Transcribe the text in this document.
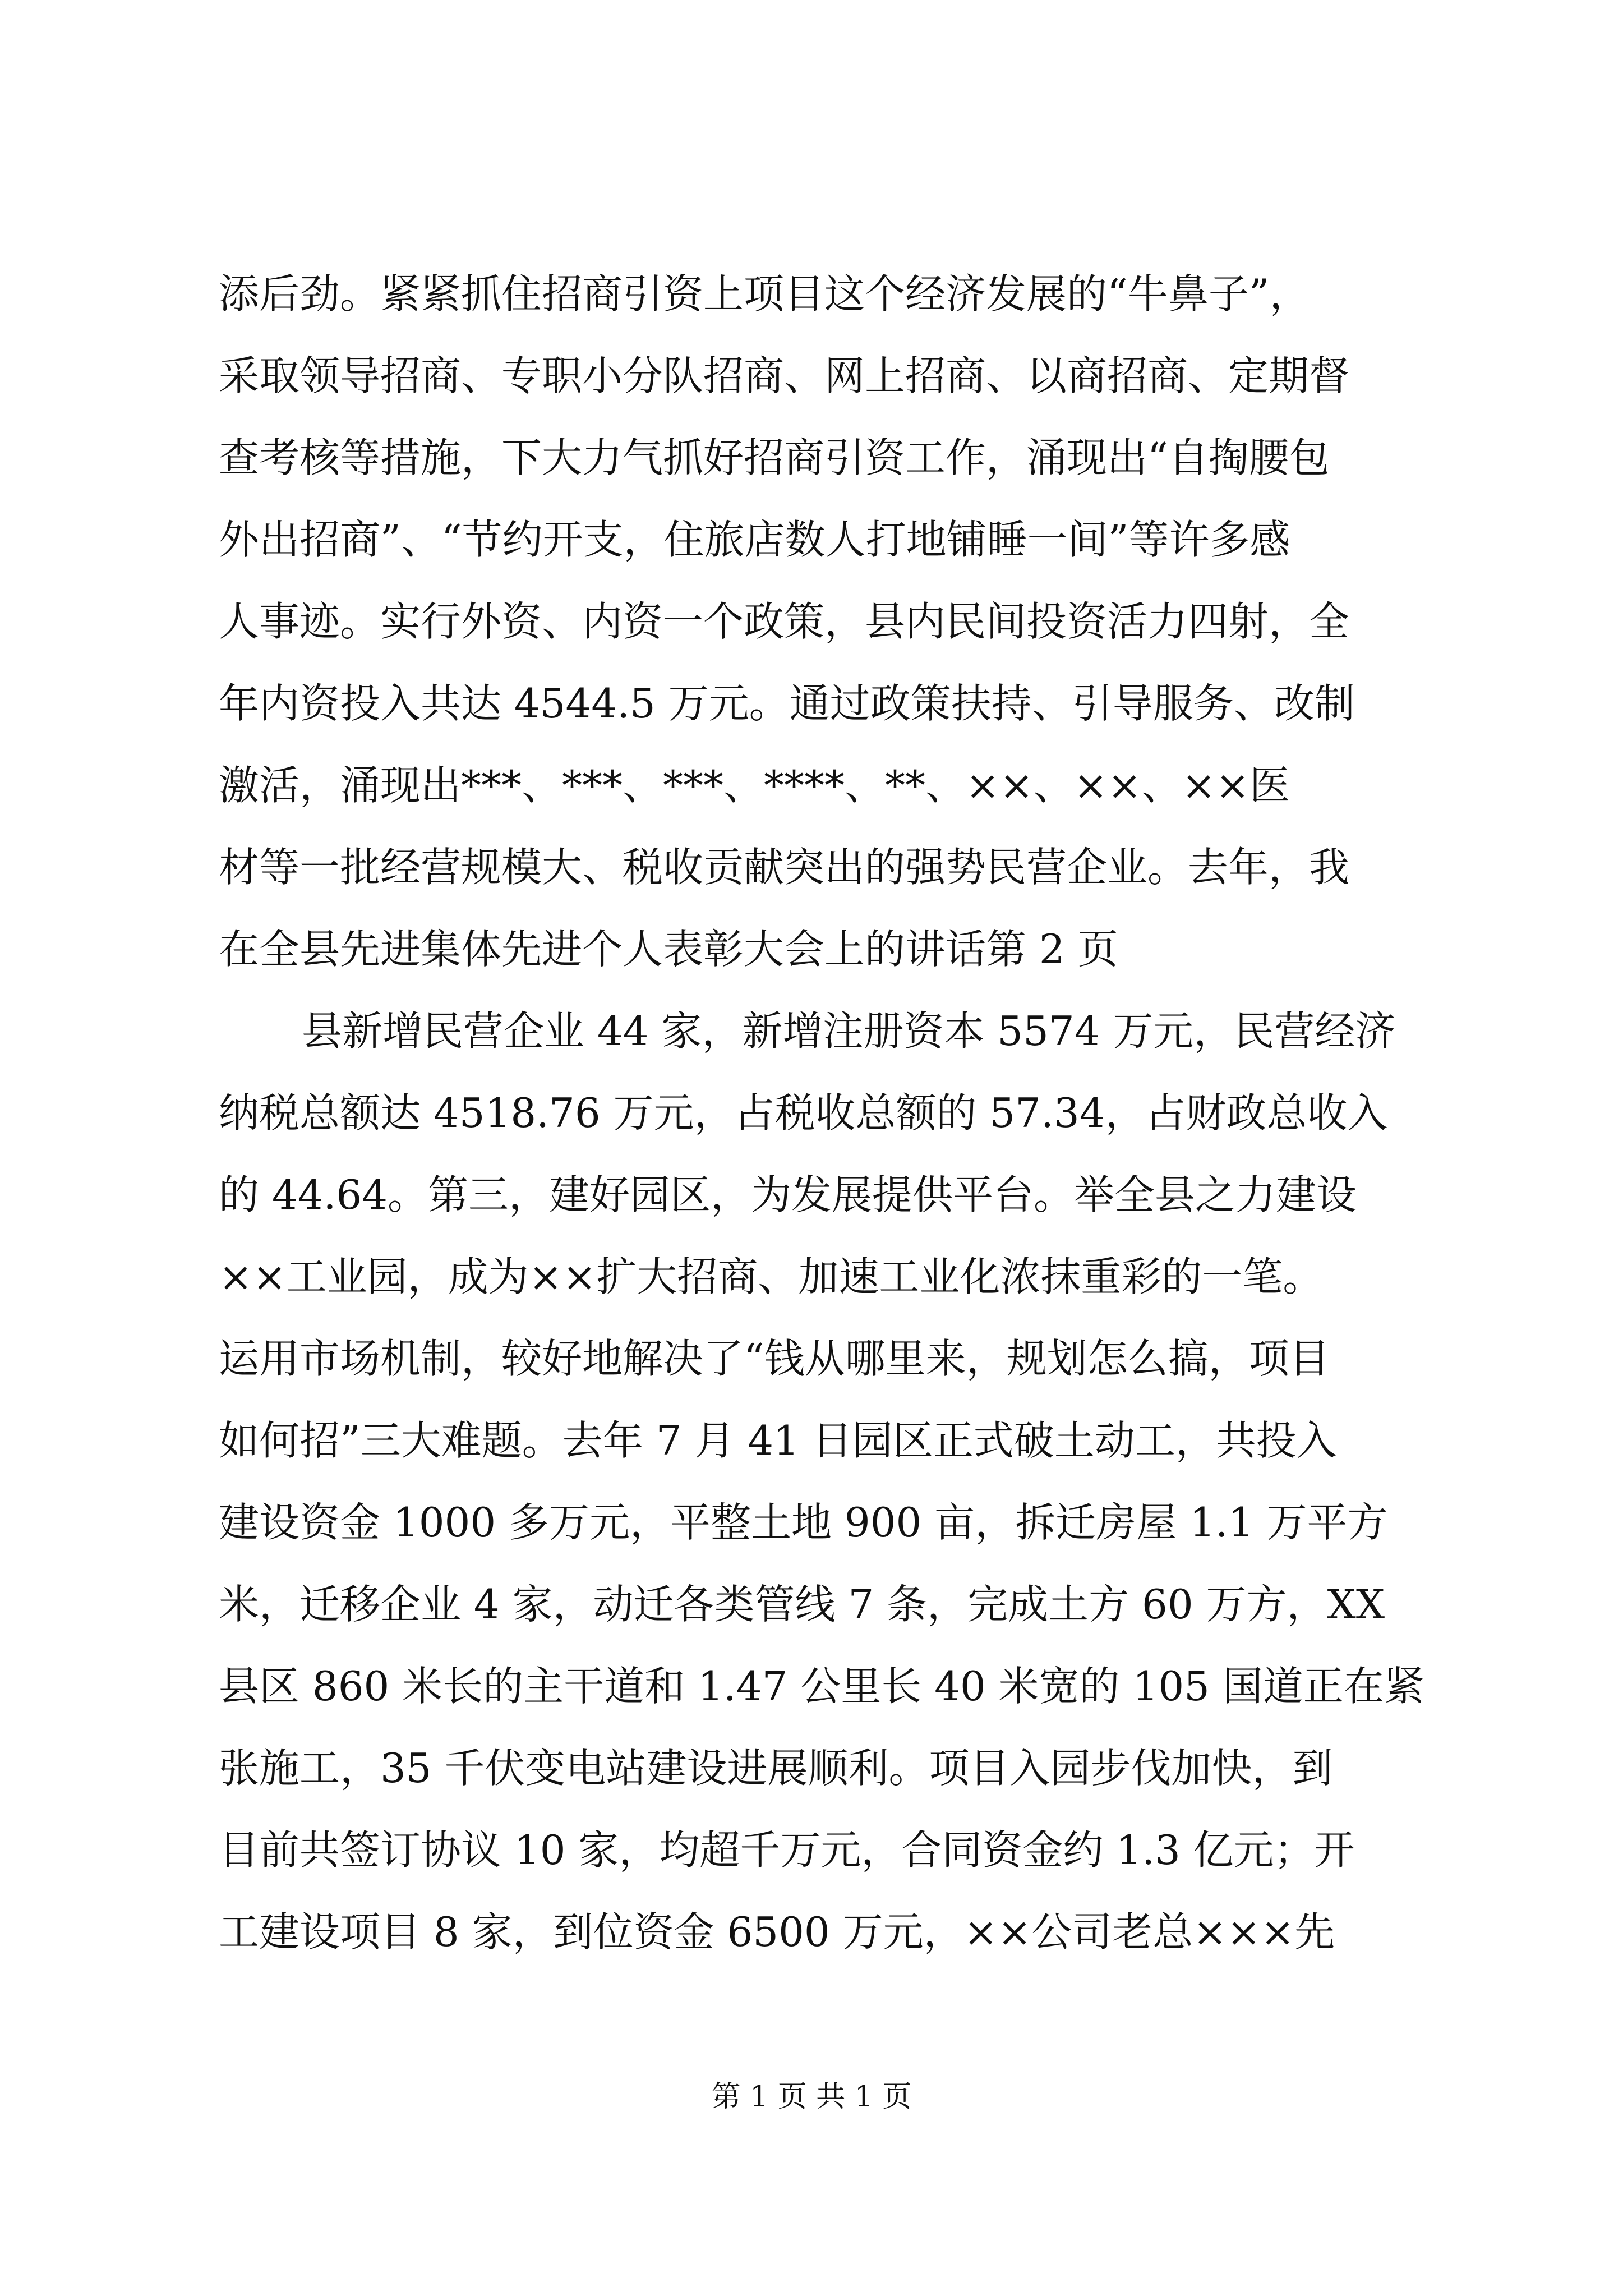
添后劲。紧紧抓住招商引资上项目这个经济发展的“牛鼻子”，
采取领导招商、专职小分队招商、网上招商、以商招商、定期督
查考核等措施，下大力气抓好招商引资工作，涌现出“自掏腰包
外出招商”、“节约开支，住旅店数人打地铺睡一间”等许多感
人事迹。实行外资、内资一个政策，县内民间投资活力四射，全
年内资投入共达 4544.5 万元。通过政策扶持、引导服务、改制
激活，涌现出***、***、***、****、**、××、××、××医
材等一批经营规模大、税收贡献突出的强势民营企业。去年，我
在全县先进集体先进个人表彰大会上的讲话第 2 页
县新增民营企业 44 家，新增注册资本 5574 万元，民营经济
纳税总额达 4518.76 万元，占税收总额的 57.34，占财政总收入
的 44.64。第三，建好园区，为发展提供平台。举全县之力建设
××工业园，成为××扩大招商、加速工业化浓抹重彩的一笔。
运用市场机制，较好地解决了“钱从哪里来，规划怎么搞，项目
如何招”三大难题。去年 7 月 41 日园区正式破土动工，共投入
建设资金 1000 多万元，平整土地 900 亩，拆迁房屋 1.1 万平方
米，迁移企业 4 家，动迁各类管线 7 条，完成土方 60 万方，XX
县区 860 米长的主干道和 1.47 公里长 40 米宽的 105 国道正在紧
张施工，35 千伏变电站建设进展顺利。项目入园步伐加快，到
目前共签订协议 10 家，均超千万元，合同资金约 1.3 亿元；开
工建设项目 8 家，到位资金 6500 万元，××公司老总×××先
第 1 页 共 1 页
